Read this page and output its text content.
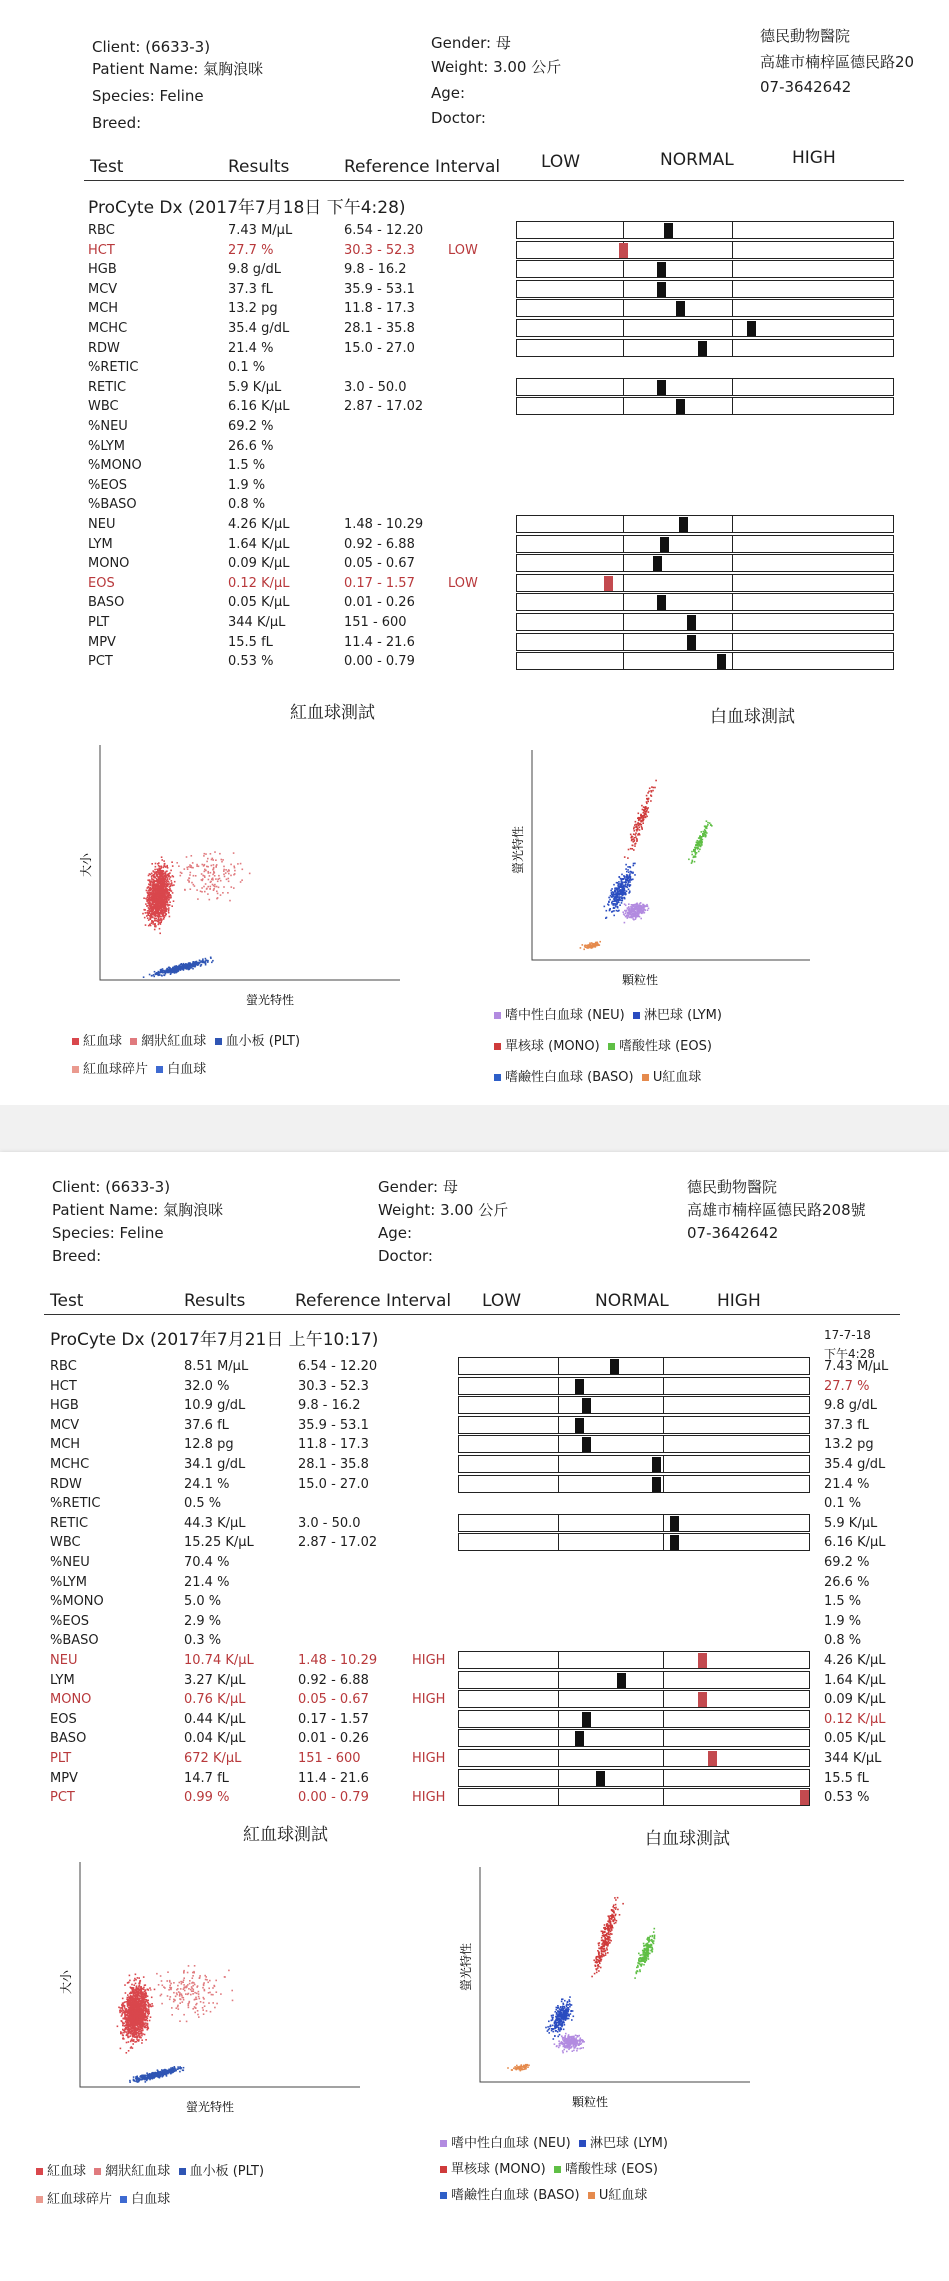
Client: (6633-3)
Patient Name: 氣胸浪咪
Species: Feline
Breed:
Gender: 母
Weight: 3.00 公斤
Age:
Doctor:
德民動物醫院
高雄市楠梓區德民路20
07-3642642
Test	Results	Reference Interval LOW	NORMAL	HIGH
ProCyte Dx (2017年7月18日 下午4:28)
RBC	7.43 M/μL	6.54 - 12.20
HCT	27.7 %	30.3 - 52.3	LOW
HGB	9.8 g/dL	9.8 - 16.2
MCV	37.3 fL	35.9 - 53.1
MCH	13.2 pg	11.8 - 17.3
MCHC	35.4 g/dL	28.1 - 35.8
RDW	21.4 %	15.0 - 27.0
%RETIC	0.1 %
RETIC	5.9 K/μL	3.0 - 50.0
WBC	6.16 K/μL	2.87 - 17.02
%NEU	69.2 %
%LYM	26.6 %
%MONO	1.5 %
%EOS	1.9 %
%BASO	0.8 %
NEU	4.26 K/μL	1.48 - 10.29
LYM	1.64 K/μL	0.92 - 6.88
MONO	0.09 K/μL	0.05 - 0.67
EOS	0.12 K/μL	0.17 - 1.57	LOW
BASO	0.05 K/μL	0.01 - 0.26
PLT	344 K/μL	151 - 600
MPV	15.5 fL	11.4 - 21.6
PCT	0.53 %	0.00 - 0.79
紅血球測試	白血球測試
螢光特性
大小
顆粒性
螢光特性
紅血球 網狀紅血球 血小板 (PLT)
紅血球碎片 白血球
嗜中性白血球 (NEU) 淋巴球 (LYM)
單核球 (MONO) 嗜酸性球 (EOS)
嗜鹼性白血球 (BASO) U紅血球
Client: (6633-3)
Patient Name: 氣胸浪咪
Species: Feline
Breed:
Gender: 母
Weight: 3.00 公斤
Age:
Doctor:
德民動物醫院
高雄市楠梓區德民路208號
07-3642642
Test	Results	Reference Interval LOW	NORMAL	HIGH
ProCyte Dx (2017年7月21日 上午10:17)	17-7-18
下午4:28
RBC	8.51 M/μL	6.54 - 12.20	7.43 M/μL
HCT	32.0 %	30.3 - 52.3	27.7 %
HGB	10.9 g/dL	9.8 - 16.2	9.8 g/dL
MCV	37.6 fL	35.9 - 53.1	37.3 fL
MCH	12.8 pg	11.8 - 17.3	13.2 pg
MCHC	34.1 g/dL	28.1 - 35.8	35.4 g/dL
RDW	24.1 %	15.0 - 27.0	21.4 %
%RETIC	0.5 %	0.1 %
RETIC	44.3 K/μL	3.0 - 50.0	5.9 K/μL
WBC	15.25 K/μL	2.87 - 17.02	6.16 K/μL
%NEU	70.4 %	69.2 %
%LYM	21.4 %	26.6 %
%MONO	5.0 %	1.5 %
%EOS	2.9 %	1.9 %
%BASO	0.3 %	0.8 %
NEU	10.74 K/μL	1.48 - 10.29	HIGH	4.26 K/μL
LYM	3.27 K/μL	0.92 - 6.88	1.64 K/μL
MONO	0.76 K/μL	0.05 - 0.67	HIGH	0.09 K/μL
EOS	0.44 K/μL	0.17 - 1.57	0.12 K/μL
BASO	0.04 K/μL	0.01 - 0.26	0.05 K/μL
PLT	672 K/μL	151 - 600	HIGH	344 K/μL
MPV	14.7 fL	11.4 - 21.6	15.5 fL
PCT	0.99 %	0.00 - 0.79	HIGH	0.53 %
紅血球測試	白血球測試
螢光特性
大小
顆粒性
螢光特性
紅血球 網狀紅血球 血小板 (PLT)
紅血球碎片 白血球
嗜中性白血球 (NEU) 淋巴球 (LYM)
單核球 (MONO) 嗜酸性球 (EOS)
嗜鹼性白血球 (BASO) U紅血球
